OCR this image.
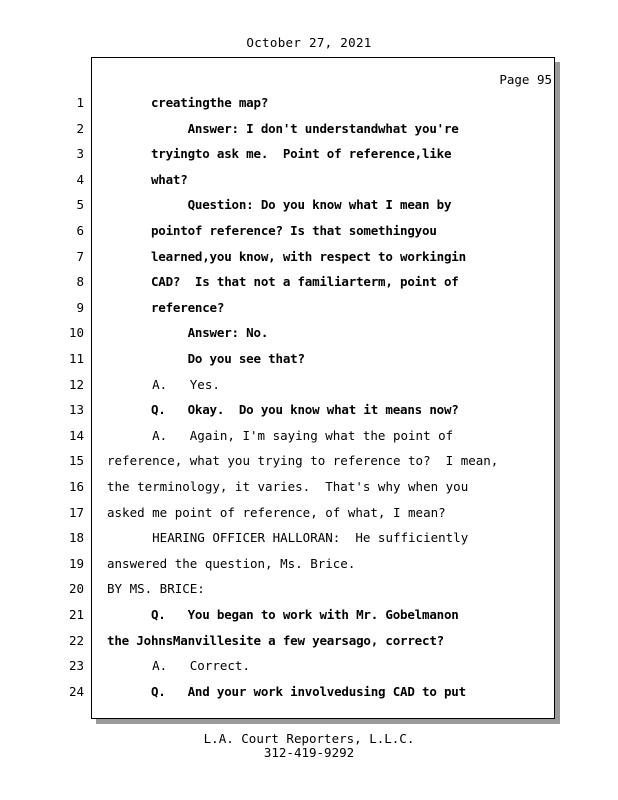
October 27, 2021
Page 95
1 creatingthe map?
2 Answer: I don't understandwhat you're
3 tryingto ask me.  Point of reference,like
4 what?
5 Question: Do you know what I mean by
6 pointof reference? Is that somethingyou
7 learned,you know, with respect to workingin
8 CAD?  Is that not a familiarterm, point of
9 reference?
10 Answer: No.
11 Do you see that?
12 A.   Yes.
13 Q.   Okay.  Do you know what it means now?
14 A.   Again, I'm saying what the point of
15 reference, what you trying to reference to?  I mean,
16 the terminology, it varies.  That's why when you
17 asked me point of reference, of what, I mean?
18 HEARING OFFICER HALLORAN:  He sufficiently
19 answered the question, Ms. Brice.
20 BY MS. BRICE:
21 Q.   You began to work with Mr. Gobelmanon
22 the JohnsManvillesite a few yearsago, correct?
23 A.   Correct.
24 Q.   And your work involvedusing CAD to put
L.A. Court Reporters, L.L.C.
312-419-9292
